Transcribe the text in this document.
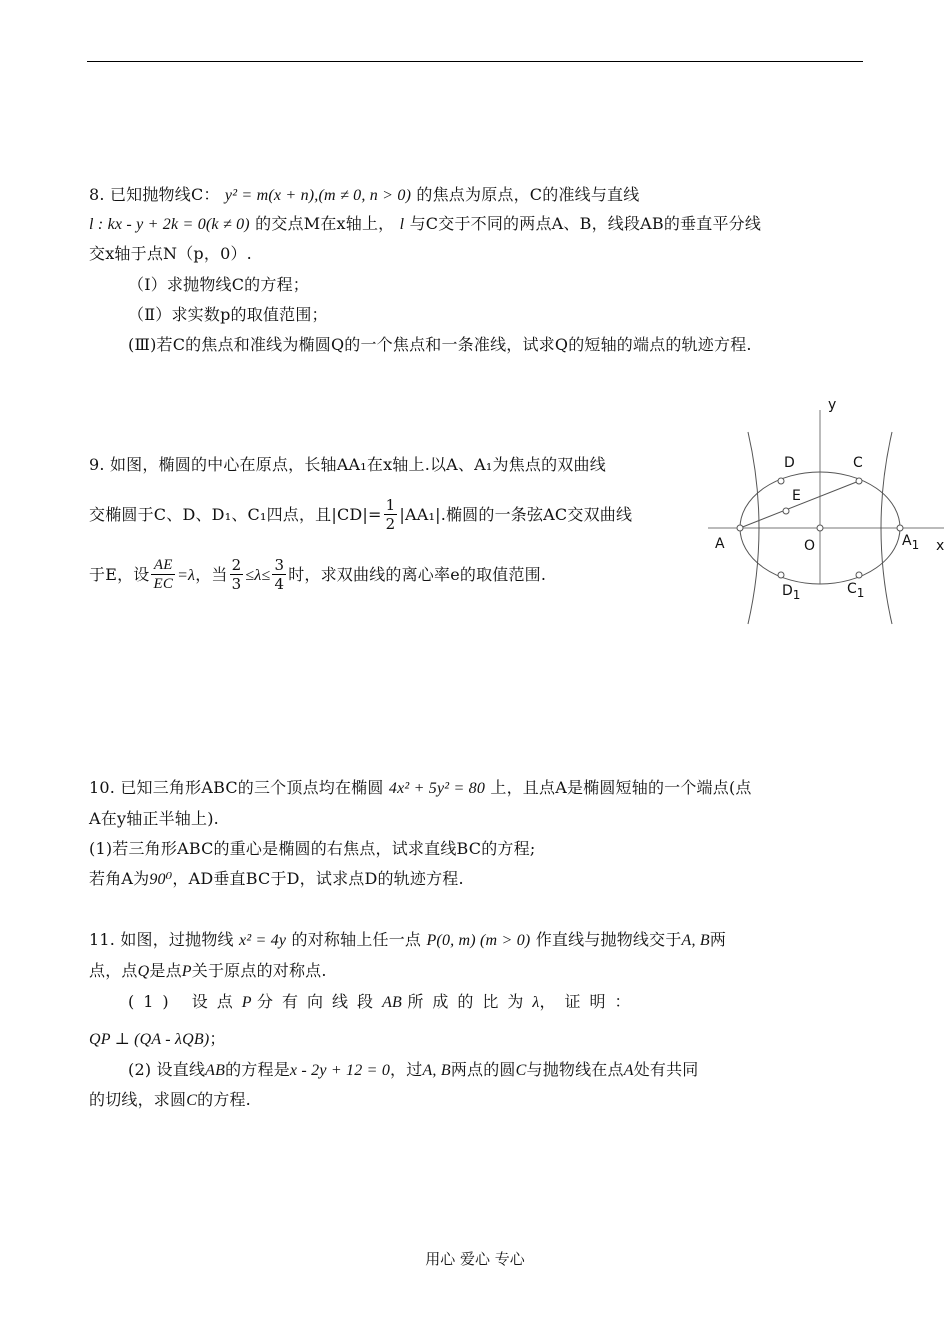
8. 已知抛物线C： y² = m(x + n),(m ≠ 0, n > 0) 的焦点为原点，C的准线与直线
l : kx - y + 2k = 0(k ≠ 0) 的交点M在x轴上， l 与C交于不同的两点A、B，线段AB的垂直平分线
交x轴于点N（p，0）.
（Ⅰ）求抛物线C的方程；
（Ⅱ）求实数p的取值范围；
(Ⅲ)若C的焦点和准线为椭圆Q的一个焦点和一条准线，试求Q的短轴的端点的轨迹方程.
9. 如图，椭圆的中心在原点，长轴AA₁在x轴上.以A、A₁为焦点的双曲线
交椭圆于C、D、D₁、C₁四点，且$|CD|= \frac{1}{2} |AA_1|$.椭圆的一条弦AC交双曲线
于E，设 $\frac{AE}{EC} =\lambda$，当 $\frac{2}{3} \le\lambda\le \frac{3}{4}$ 时，求双曲线的离心率e的取值范围.
y
x
D	C
E
A	O	A1
D1	C1
10. 已知三角形ABC的三个顶点均在椭圆 4x² + 5y² = 80 上，且点A是椭圆短轴的一个端点(点
A在y轴正半轴上).
(1)若三角形ABC的重心是椭圆的右焦点，试求直线BC的方程;
若角A为90⁰，AD垂直BC于D，试求点D的轨迹方程.
11. 如图，过抛物线 x² = 4y 的对称轴上任一点 P(0, m) (m > 0) 作直线与抛物线交于A, B两
点，点Q是点P关于原点的对称点.
(1) 设点P 分有向线段AB 所成的比为λ，证明：
QP ⊥ (QA - λQB)；
(2) 设直线AB的方程是x - 2y + 12 = 0，过A, B两点的圆C与抛物线在点A处有共同
的切线，求圆C的方程.
用心 爱心 专心
